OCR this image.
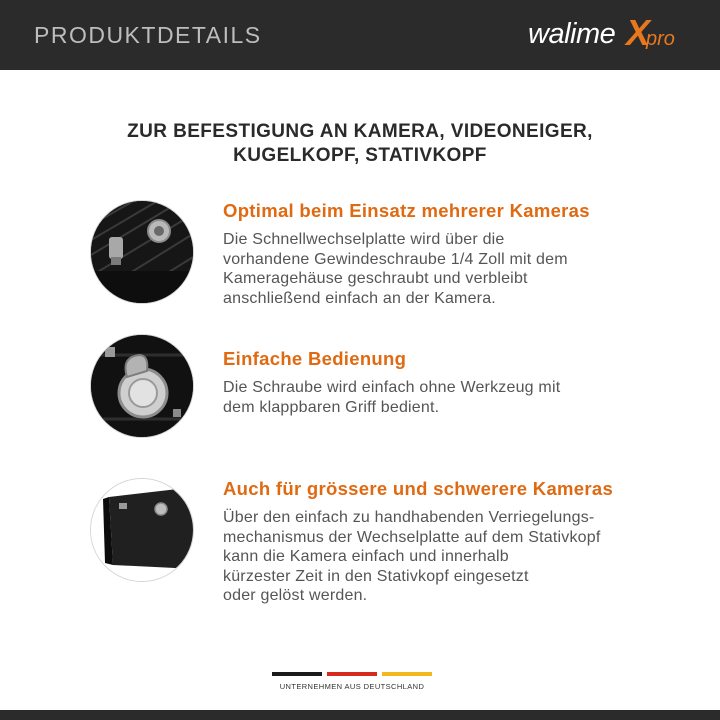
PRODUKTDETAILS	walime X
pro
ZUR BEFESTIGUNG AN KAMERA, VIDEONEIGER,
KUGELKOPF, STATIVKOPF
Optimal beim Einsatz mehrerer Kameras
Die Schnellwechselplatte wird über die
vorhandene Gewindeschraube 1/4 Zoll mit dem
Kameragehäuse geschraubt und verbleibt
anschließend einfach an der Kamera.
Einfache Bedienung
Die Schraube wird einfach ohne Werkzeug mit
dem klappbaren Griff bedient.
Auch für grössere und schwerere Kameras
Über den einfach zu handhabenden Verriegelungs-
mechanismus der Wechselplatte auf dem Stativkopf
kann die Kamera einfach und innerhalb
kürzester Zeit in den Stativkopf eingesetzt
oder gelöst werden.
UNTERNEHMEN AUS DEUTSCHLAND
